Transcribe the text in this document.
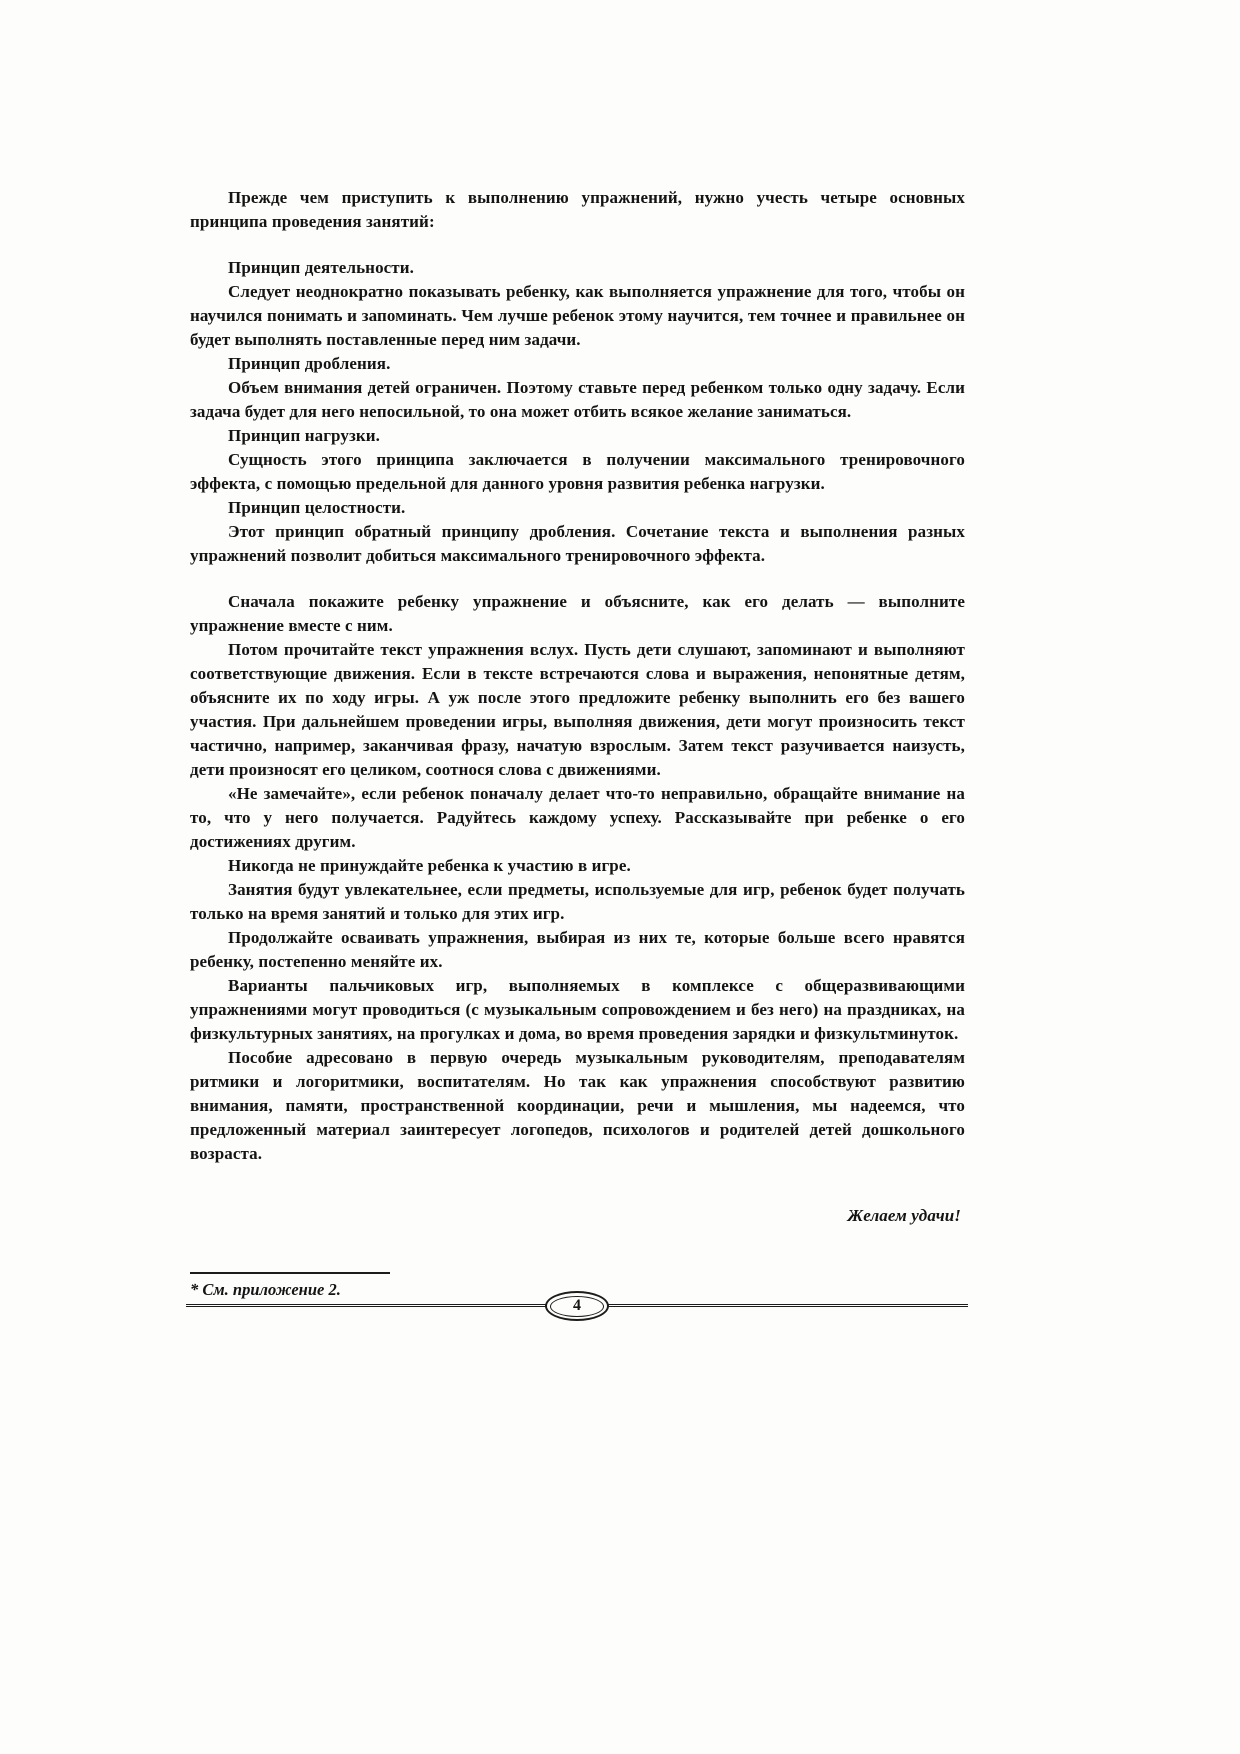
Прежде чем приступить к выполнению упражнений, нужно учесть четыре основных принципа проведения занятий:

Принцип деятельности.

Следует неоднократно показывать ребенку, как выполняется упражнение для того, чтобы он научился понимать и запоминать. Чем лучше ребенок этому научится, тем точнее и правильнее он будет выполнять поставленные перед ним задачи.

Принцип дробления.

Объем внимания детей ограничен. Поэтому ставьте перед ребенком только одну задачу. Если задача будет для него непосильной, то она может отбить всякое желание заниматься.

Принцип нагрузки.

Сущность этого принципа заключается в получении максимального тренировочного эффекта, с помощью предельной для данного уровня развития ребенка нагрузки.

Принцип целостности.

Этот принцип обратный принципу дробления. Сочетание текста и выполнения разных упражнений позволит добиться максимального тренировочного эффекта.

Сначала покажите ребенку упражнение и объясните, как его делать — выполните упражнение вместе с ним.

Потом прочитайте текст упражнения вслух. Пусть дети слушают, запоминают и выполняют соответствующие движения. Если в тексте встречаются слова и выражения, непонятные детям, объясните их по ходу игры. А уж после этого предложите ребенку выполнить его без вашего участия. При дальнейшем проведении игры, выполняя движения, дети могут произносить текст частично, например, заканчивая фразу, начатую взрослым. Затем текст разучивается наизусть, дети произносят его целиком, соотнося слова с движениями.

«Не замечайте», если ребенок поначалу делает что-то неправильно, обращайте внимание на то, что у него получается. Радуйтесь каждому успеху. Рассказывайте при ребенке о его достижениях другим.

Никогда не принуждайте ребенка к участию в игре.

Занятия будут увлекательнее, если предметы, используемые для игр, ребенок будет получать только на время занятий и только для этих игр.

Продолжайте осваивать упражнения, выбирая из них те, которые больше всего нравятся ребенку, постепенно меняйте их.

Варианты пальчиковых игр, выполняемых в комплексе с общеразвивающими упражнениями могут проводиться (с музыкальным сопровождением и без него) на праздниках, на физкультурных занятиях, на прогулках и дома, во время проведения зарядки и физкультминуток.

Пособие адресовано в первую очередь музыкальным руководителям, преподавателям ритмики и логоритмики, воспитателям. Но так как упражнения способствуют развитию внимания, памяти, пространственной координации, речи и мышления, мы надеемся, что предложенный материал заинтересует логопедов, психологов и родителей детей дошкольного возраста.

Желаем удачи!

* См. приложение 2.
4
